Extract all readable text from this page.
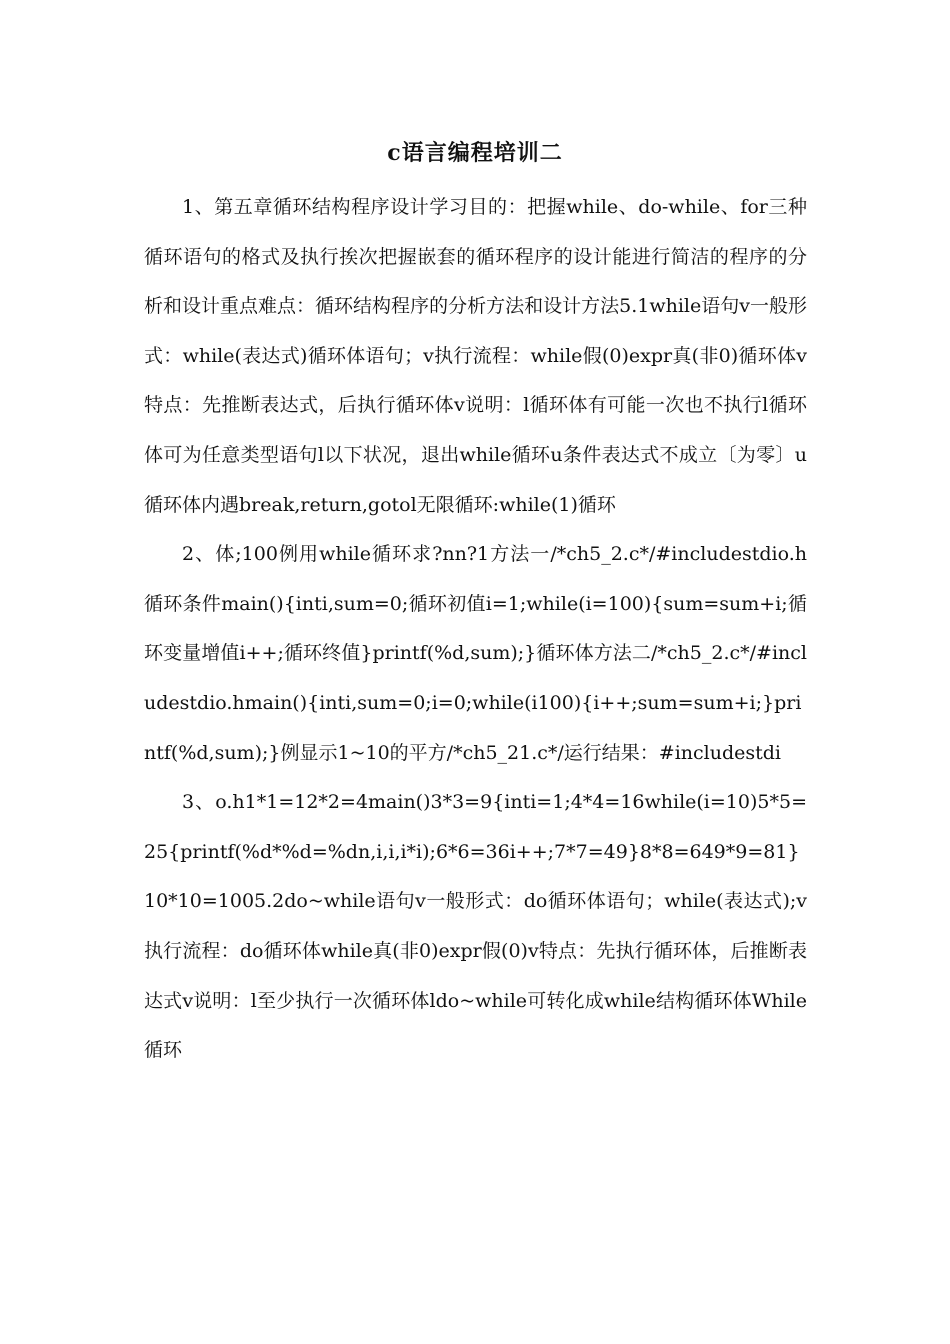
c语言编程培训二

1、第五章循环结构程序设计学习目的：把握while、do-while、for三种循环语句的格式及执行挨次把握嵌套的循环程序的设计能进行简洁的程序的分析和设计重点难点：循环结构程序的分析方法和设计方法5.1while语句v一般形式：while(表达式)循环体语句；v执行流程：while假(0)expr真(非0)循环体v特点：先推断表达式，后执行循环体v说明：l循环体有可能一次也不执行l循环体可为任意类型语句l以下状况，退出while循环u条件表达式不成立〔为零〕u循环体内遇break,return,gotol无限循环:while(1)循环

2、体;100例用while循环求?nn?1方法一/*ch5_2.c*/#includestdio.h循环条件main(){inti,sum=0;循环初值i=1;while(i=100){sum=sum+i;循环变量增值i++;循环终值}printf(%d,sum);}循环体方法二/*ch5_2.c*/#includestdio.hmain(){inti,sum=0;i=0;while(i100){i++;sum=sum+i;}printf(%d,sum);}例显示1~10的平方/*ch5_21.c*/运行结果：#includestdi

3、o.h1*1=12*2=4main()3*3=9{inti=1;4*4=16while(i=10)5*5=25{printf(%d*%d=%dn,i,i,i*i);6*6=36i++;7*7=49}8*8=649*9=81}10*10=1005.2do~while语句v一般形式：do循环体语句；while(表达式);v执行流程：do循环体while真(非0)expr假(0)v特点：先执行循环体，后推断表达式v说明：l至少执行一次循环体ldo~while可转化成while结构循环体While循环
